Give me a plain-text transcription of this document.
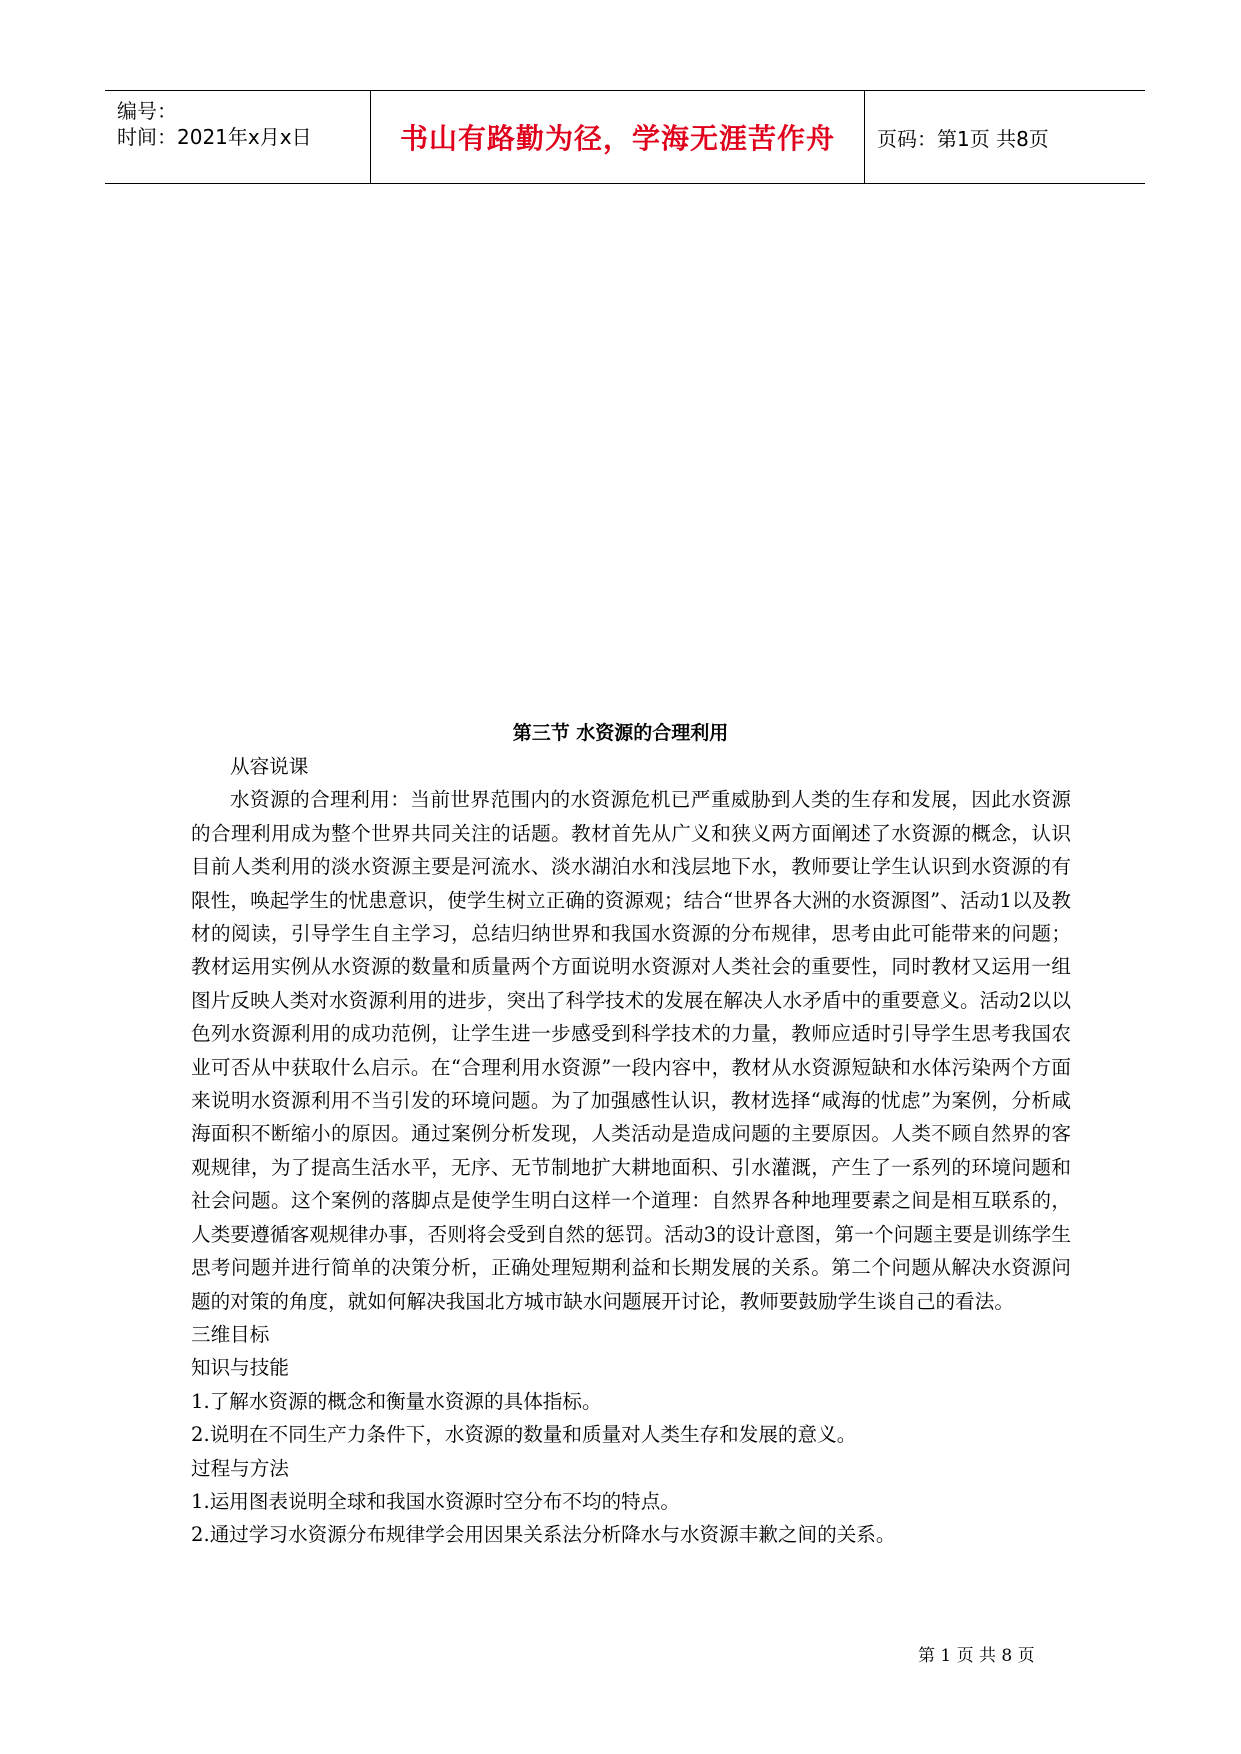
编号：
时间：2021年x月x日	书山有路勤为径，学海无涯苦作舟 页码：第1页 共8页
第三节 水资源的合理利用

从容说课

水资源的合理利用：当前世界范围内的水资源危机已严重威胁到人类的生存和发展，因此水资源的合理利用成为整个世界共同关注的话题。教材首先从广义和狭义两方面阐述了水资源的概念，认识目前人类利用的淡水资源主要是河流水、淡水湖泊水和浅层地下水，教师要让学生认识到水资源的有限性，唤起学生的忧患意识，使学生树立正确的资源观；结合“世界各大洲的水资源图”、活动1以及教材的阅读，引导学生自主学习，总结归纳世界和我国水资源的分布规律，思考由此可能带来的问题；教材运用实例从水资源的数量和质量两个方面说明水资源对人类社会的重要性，同时教材又运用一组图片反映人类对水资源利用的进步，突出了科学技术的发展在解决人水矛盾中的重要意义。活动2以以色列水资源利用的成功范例，让学生进一步感受到科学技术的力量，教师应适时引导学生思考我国农业可否从中获取什么启示。在“合理利用水资源”一段内容中，教材从水资源短缺和水体污染两个方面来说明水资源利用不当引发的环境问题。为了加强感性认识，教材选择“咸海的忧虑”为案例，分析咸海面积不断缩小的原因。通过案例分析发现，人类活动是造成问题的主要原因。人类不顾自然界的客观规律，为了提高生活水平，无序、无节制地扩大耕地面积、引水灌溉，产生了一系列的环境问题和社会问题。这个案例的落脚点是使学生明白这样一个道理：自然界各种地理要素之间是相互联系的，人类要遵循客观规律办事，否则将会受到自然的惩罚。活动3的设计意图，第一个问题主要是训练学生思考问题并进行简单的决策分析，正确处理短期利益和长期发展的关系。第二个问题从解决水资源问题的对策的角度，就如何解决我国北方城市缺水问题展开讨论，教师要鼓励学生谈自己的看法。

三维目标

知识与技能

1.了解水资源的概念和衡量水资源的具体指标。

2.说明在不同生产力条件下，水资源的数量和质量对人类生存和发展的意义。

过程与方法

1.运用图表说明全球和我国水资源时空分布不均的特点。

2.通过学习水资源分布规律学会用因果关系法分析降水与水资源丰歉之间的关系。

第 1 页 共 8 页
